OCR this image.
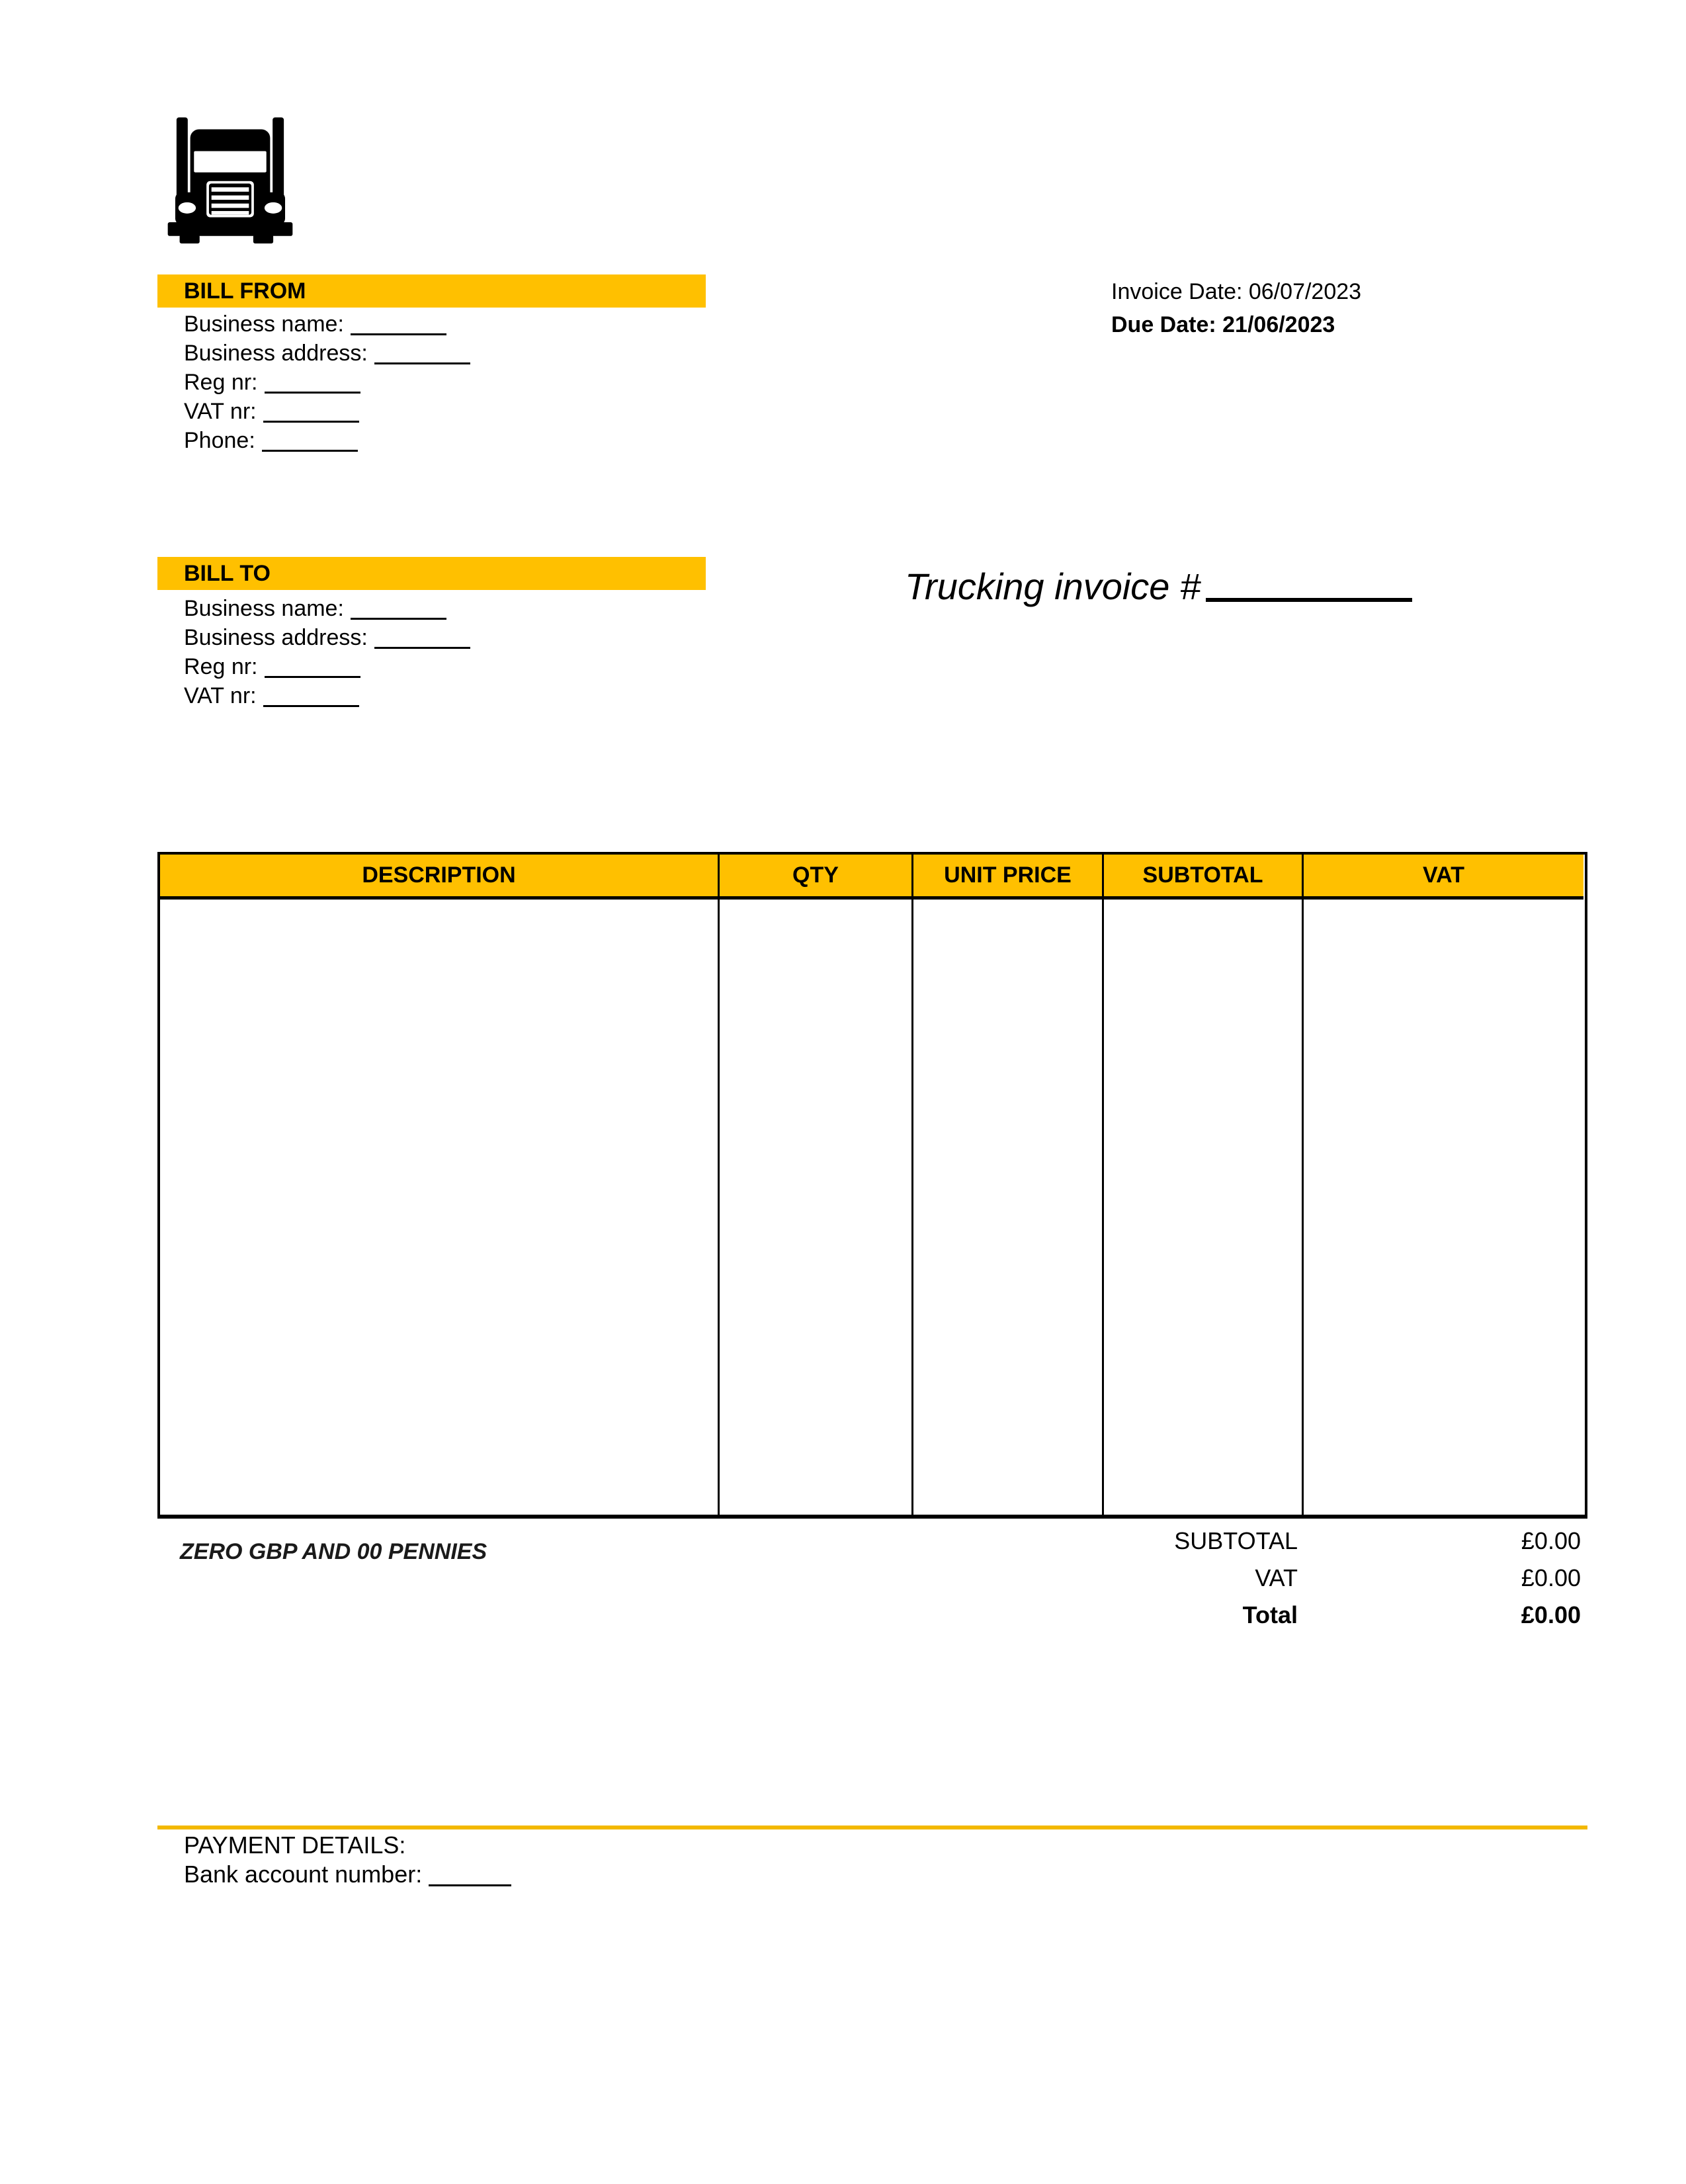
BILL FROM
Business name:
Business address:
Reg nr:
VAT nr:
Phone:
Invoice Date: 06/07/2023
Due Date: 21/06/2023
BILL TO
Business name:
Business address:
Reg nr:
VAT nr:
Trucking invoice #
DESCRIPTION	QTY	UNIT PRICE	SUBTOTAL	VAT
ZERO GBP AND 00 PENNIES	SUBTOTAL	£0.00
VAT	£0.00
Total	£0.00
PAYMENT DETAILS:
Bank account number:
